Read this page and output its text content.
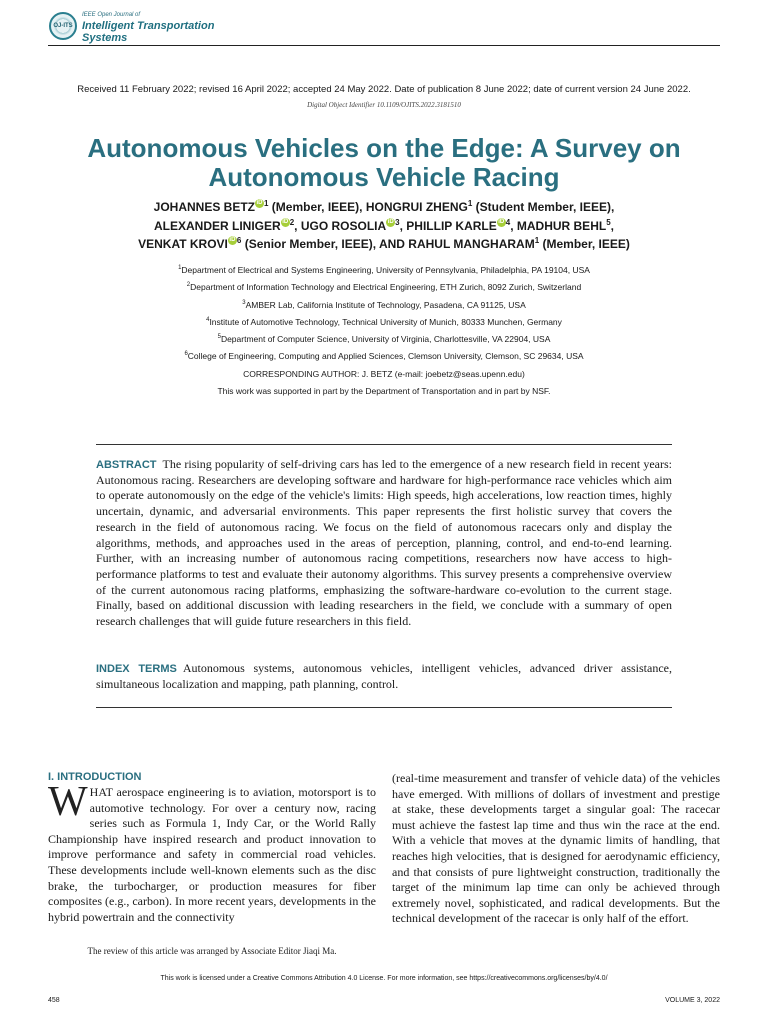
OJ-ITS
IEEE Open Journal of
Intelligent Transportation
Systems
Received 11 February 2022; revised 16 April 2022; accepted 24 May 2022. Date of publication 8 June 2022; date of current version 24 June 2022.
Digital Object Identifier 10.1109/OJITS.2022.3181510
Autonomous Vehicles on the Edge: A Survey on Autonomous Vehicle Racing
JOHANNES BETZ iD $^1$ (Member, IEEE), HONGRUI ZHENG$^1$ (Student Member, IEEE),
ALEXANDER LINIGER iD $^2$, UGO ROSOLIA iD $^3$, PHILLIP KARLE iD $^4$, MADHUR BEHL$^5$,
VENKAT KROVI iD $^6$ (Senior Member, IEEE), AND RAHUL MANGHARAM$^1$ (Member, IEEE)
$^1$Department of Electrical and Systems Engineering, University of Pennsylvania, Philadelphia, PA 19104, USA
$^2$Department of Information Technology and Electrical Engineering, ETH Zurich, 8092 Zurich, Switzerland
$^3$AMBER Lab, California Institute of Technology, Pasadena, CA 91125, USA
$^4$Institute of Automotive Technology, Technical University of Munich, 80333 Munchen, Germany
$^5$Department of Computer Science, University of Virginia, Charlottesville, VA 22904, USA
$^6$College of Engineering, Computing and Applied Sciences, Clemson University, Clemson, SC 29634, USA
CORRESPONDING AUTHOR: J. BETZ (e-mail: joebetz@seas.upenn.edu)
This work was supported in part by the Department of Transportation and in part by NSF.
ABSTRACT The rising popularity of self-driving cars has led to the emergence of a new research field in recent years: Autonomous racing. Researchers are developing software and hardware for high-performance race vehicles which aim to operate autonomously on the edge of the vehicle's limits: High speeds, high accelerations, low reaction times, highly uncertain, dynamic, and adversarial environments. This paper represents the first holistic survey that covers the research in the field of autonomous racing. We focus on the field of autonomous racecars only and display the algorithms, methods, and approaches used in the areas of perception, planning, control, and end-to-end learning. Further, with an increasing number of autonomous racing competitions, researchers now have access to high-performance platforms to test and evaluate their autonomy algorithms. This survey presents a comprehensive overview of the current autonomous racing platforms, emphasizing the software-hardware co-evolution to the current stage. Finally, based on additional discussion with leading researchers in the field, we conclude with a summary of open research challenges that will guide future researchers in this field.
INDEX TERMS Autonomous systems, autonomous vehicles, intelligent vehicles, advanced driver assistance, simultaneous localization and mapping, path planning, control.
I. INTRODUCTION

WHAT aerospace engineering is to aviation, motorsport is to automotive technology. For over a century now, racing series such as Formula 1, Indy Car, or the World Rally Championship have inspired research and product innovation to improve performance and safety in commercial road vehicles. These developments include well-known elements such as the disc brake, the turbocharger, or production measures for fiber composites (e.g., carbon). In more recent years, developments in the hybrid powertrain and the connectivity

(real-time measurement and transfer of vehicle data) of the vehicles have emerged. With millions of dollars of investment and prestige at stake, these developments target a singular goal: The racecar must achieve the fastest lap time and thus win the race at the end. With a vehicle that moves at the dynamic limits of handling, that reaches high velocities, that is designed for aerodynamic efficiency, and that consists of pure lightweight construction, traditionally the target of the minimum lap time can only be achieved through extremely novel, sophisticated, and radical developments. But the technical development of the racecar is only half of the effort.

The review of this article was arranged by Associate Editor Jiaqi Ma.
This work is licensed under a Creative Commons Attribution 4.0 License. For more information, see https://creativecommons.org/licenses/by/4.0/
458	VOLUME 3, 2022
